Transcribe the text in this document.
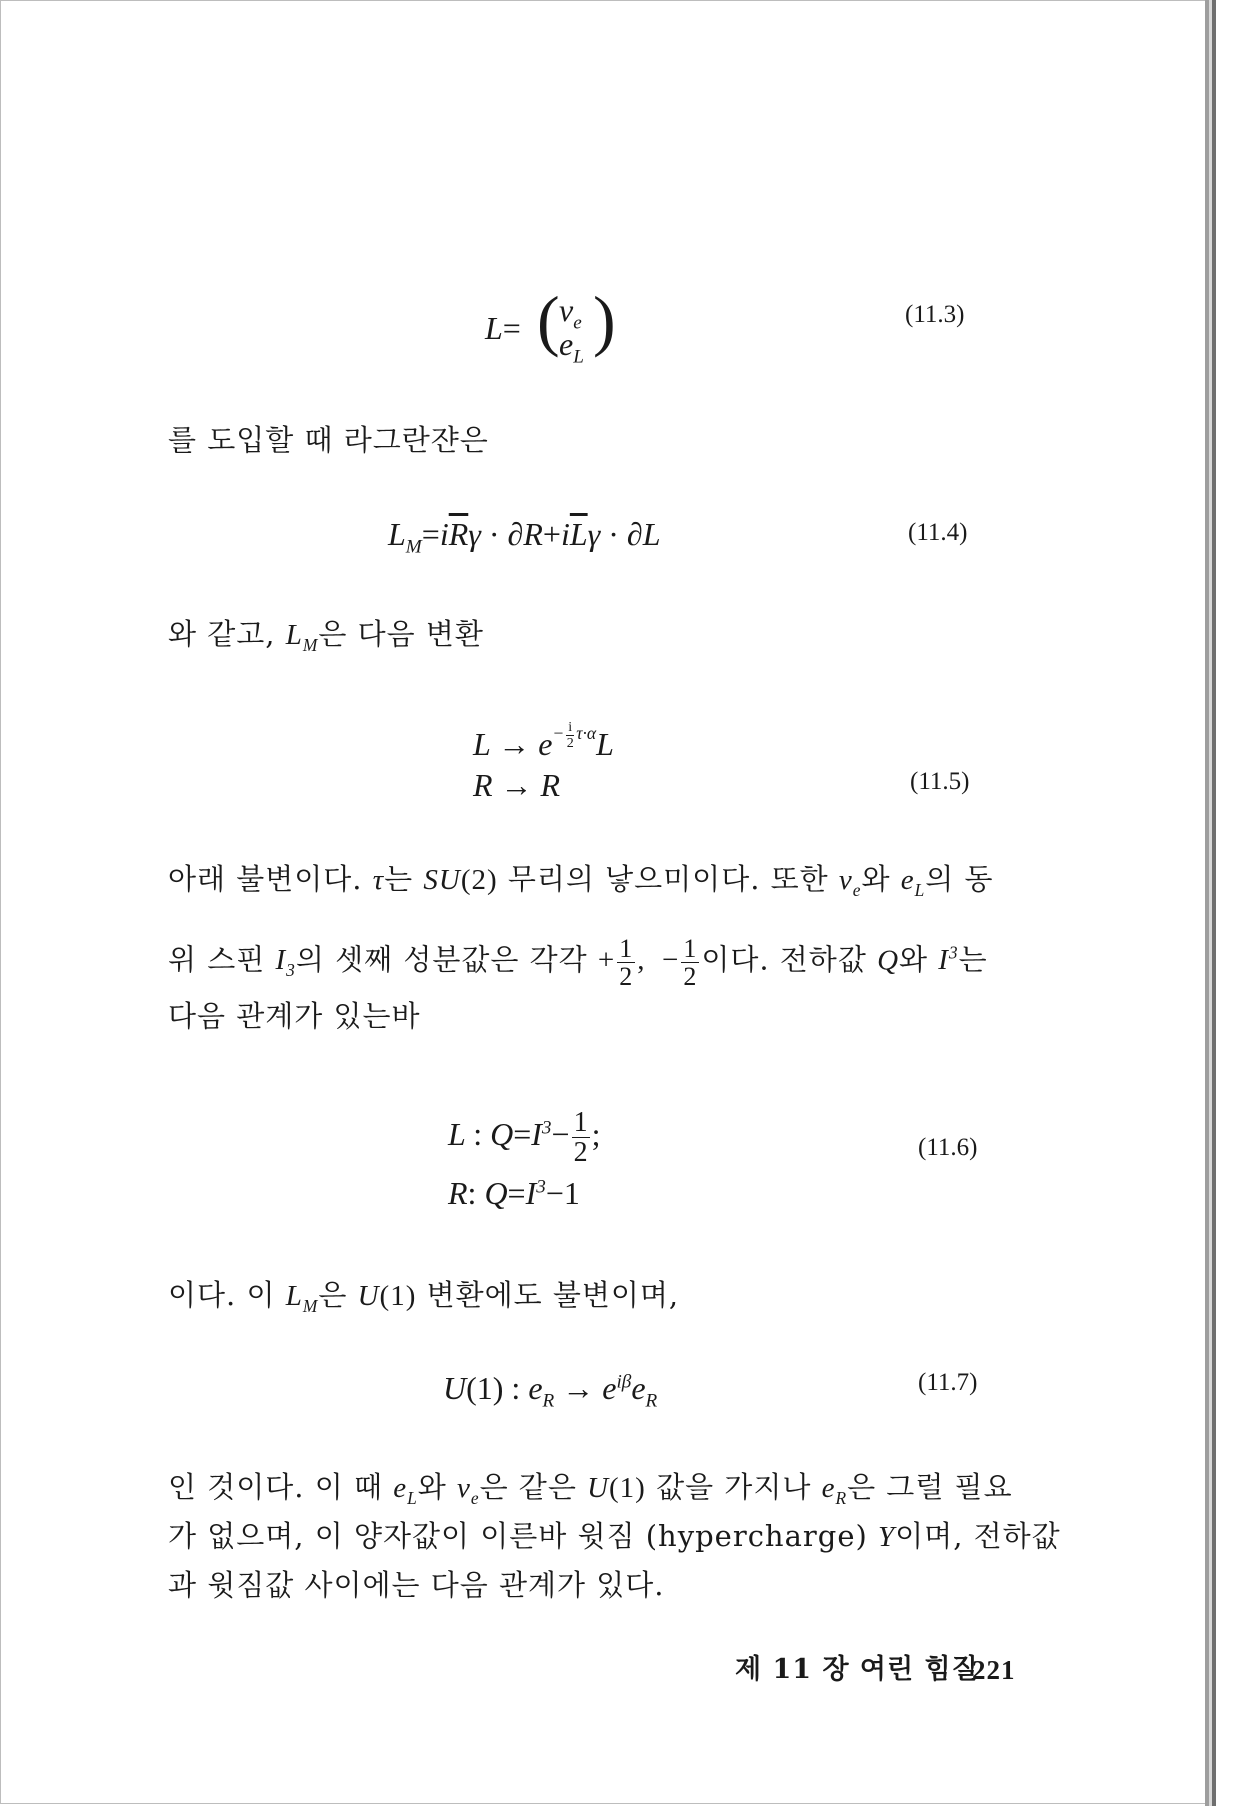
L= ( $\nu_e$
$e_L$ )	(11.3)
를 도입할 때 라그란쟌은
$L_M=i\overline{R}\gamma \cdot \partial R+i\overline{L}\gamma \cdot \partial L$	(11.4)
와 같고, $L_M$은 다음 변환
$L \to e^{- \frac{i}{2} \tau\cdot\alpha}L$
R → R	(11.5)
아래 불변이다. τ는 SU(2) 무리의 낳으미이다. 또한 $\nu_e$와 $e_L$의 동
위 스핀 $I_3$의 셋째 성분값은 각각 + $\frac{1}{2}$ ,  − $\frac{1}{2}$ 이다. 전하값 Q와 $I^3$는
다음 관계가 있는바
L : $Q=I^3- \frac{1}{2}$ ;
R: $Q=I^3-1$
(11.6)
이다. 이 $L_M$은 U(1) 변환에도 불변이며,
U(1) : $e_R \to e^{i\beta}e_R$
(11.7)
인 것이다. 이 때 $e_L$와 $\nu_e$은 같은 U(1) 값을 가지나 $e_R$은 그럴 필요
가 없으며, 이 양자값이 이른바 윗짐 (hypercharge) Y이며, 전하값
과 윗짐값 사이에는 다음 관계가 있다.
제 11 장 여린 힘질
221
